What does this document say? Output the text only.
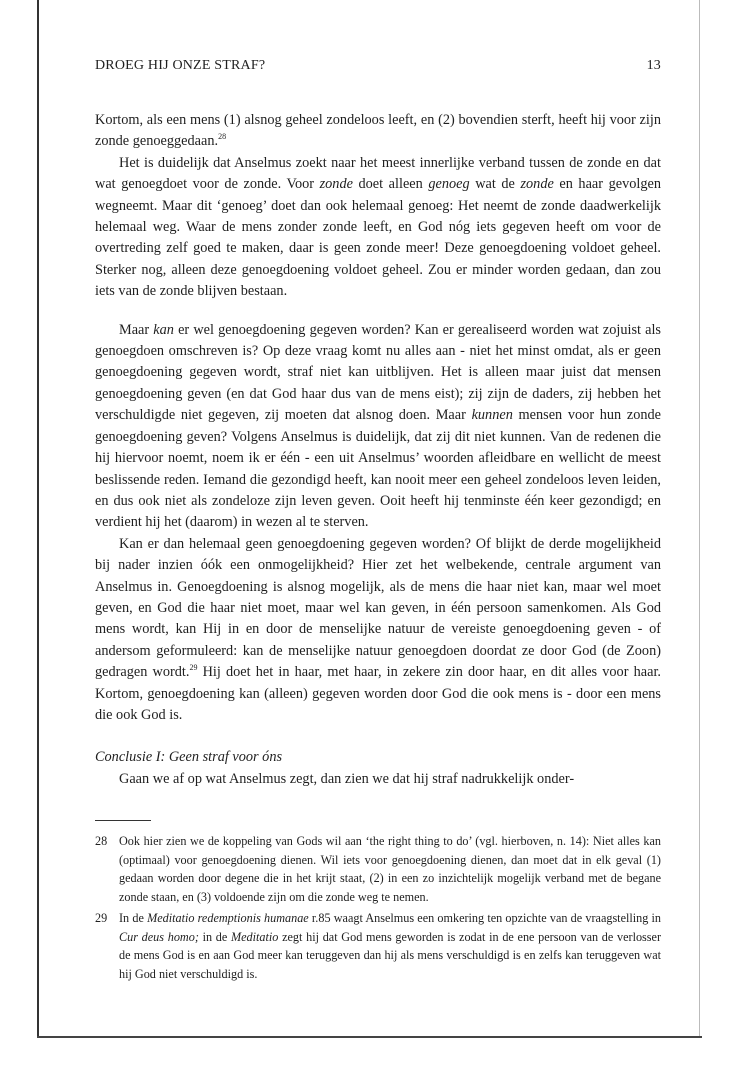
DROEG HIJ ONZE STRAF?	13

Kortom, als een mens (1) alsnog geheel zondeloos leeft, en (2) bovendien sterft, heeft hij voor zijn zonde genoeggedaan.$^{28}$

Het is duidelijk dat Anselmus zoekt naar het meest innerlijke verband tussen de zonde en dat wat genoegdoet voor de zonde. Voor zonde doet alleen genoeg wat de zonde en haar gevolgen wegneemt. Maar dit ‘genoeg’ doet dan ook helemaal genoeg: Het neemt de zonde daadwerkelijk helemaal weg. Waar de mens zonder zonde leeft, en God nóg iets gegeven heeft om voor de overtreding zelf goed te maken, daar is geen zonde meer! Deze genoegdoening voldoet geheel. Sterker nog, alleen deze genoegdoening voldoet geheel. Zou er minder worden gedaan, dan zou iets van de zonde blijven bestaan.

Maar kan er wel genoegdoening gegeven worden? Kan er gerealiseerd worden wat zojuist als genoegdoen omschreven is? Op deze vraag komt nu alles aan - niet het minst omdat, als er geen genoegdoening gegeven wordt, straf niet kan uitblijven. Het is alleen maar juist dat mensen genoegdoening geven (en dat God haar dus van de mens eist); zij zijn de daders, zij hebben het verschuldigde niet gegeven, zij moeten dat alsnog doen. Maar kunnen mensen voor hun zonde genoegdoening geven? Volgens Anselmus is duidelijk, dat zij dit niet kunnen. Van de redenen die hij hiervoor noemt, noem ik er één - een uit Anselmus’ woorden afleidbare en wellicht de meest beslissende reden. Iemand die gezondigd heeft, kan nooit meer een geheel zondeloos leven leiden, en dus ook niet als zondeloze zijn leven geven. Ooit heeft hij tenminste één keer gezondigd; en verdient hij het (daarom) in wezen al te sterven.

Kan er dan helemaal geen genoegdoening gegeven worden? Of blijkt de derde mogelijkheid bij nader inzien óók een onmogelijkheid? Hier zet het welbekende, centrale argument van Anselmus in. Genoegdoening is alsnog mogelijk, als de mens die haar niet kan, maar wel moet geven, en God die haar niet moet, maar wel kan geven, in één persoon samenkomen. Als God mens wordt, kan Hij in en door de menselijke natuur de vereiste genoegdoening geven - of andersom geformuleerd: kan de menselijke natuur genoegdoen doordat ze door God (de Zoon) gedragen wordt.$^{29}$ Hij doet het in haar, met haar, in zekere zin door haar, en dit alles voor haar. Kortom, genoegdoening kan (alleen) gegeven worden door God die ook mens is - door een mens die ook God is.

Conclusie I: Geen straf voor óns

Gaan we af op wat Anselmus zegt, dan zien we dat hij straf nadrukkelijk onder-

28 Ook hier zien we de koppeling van Gods wil aan ‘the right thing to do’ (vgl. hierboven, n. 14): Niet alles kan (optimaal) voor genoegdoening dienen. Wil iets voor genoegdoening dienen, dan moet dat in elk geval (1) gedaan worden door degene die in het krijt staat, (2) in een zo inzichtelijk mogelijk verband met de begane zonde staan, en (3) voldoende zijn om die zonde weg te nemen.
29 In de Meditatio redemptionis humanae r.85 waagt Anselmus een omkering ten opzichte van de vraagstelling in Cur deus homo; in de Meditatio zegt hij dat God mens geworden is zodat in de ene persoon van de verlosser de mens God is en aan God meer kan teruggeven dan hij als mens verschuldigd is en zelfs kan teruggeven wat hij God niet verschuldigd is.
